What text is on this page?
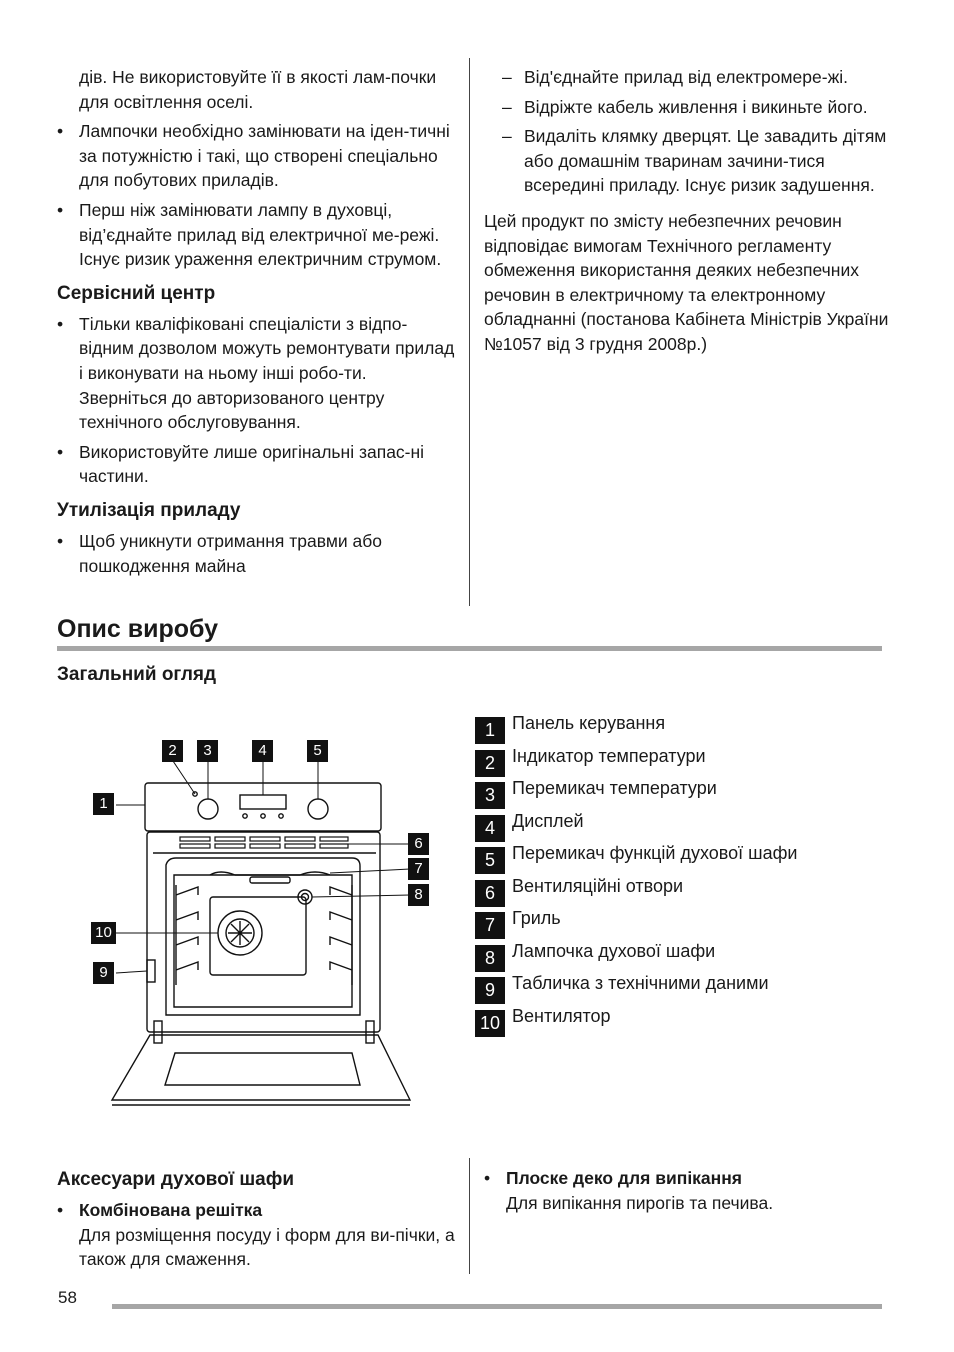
дів. Не використовуйте її в якості лам-почки для освітлення оселі.

• Лампочки необхідно замінювати на іден-тичні за потужністю і такі, що створені спеціально для побутових приладів.
• Перш ніж замінювати лампу в духовці, від’єднайте прилад від електричної ме-режі. Існує ризик ураження електричним струмом.
Сервісний центр
• Тільки кваліфіковані спеціалісти з відпо-відним дозволом можуть ремонтувати прилад і виконувати на ньому інші робо-ти. Зверніться до авторизованого центру технічного обслуговування.
• Використовуйте лише оригінальні запас-ні частини.
Утилізація приладу
• Щоб уникнути отримання травми або пошкодження майна
– Від'єднайте прилад від електромере-жі.
– Відріжте кабель живлення і викиньте його.
– Видаліть клямку дверцят. Це завадить дітям або домашнім тваринам зачини-тися всередині приладу. Існує ризик задушення.

Цей продукт по змісту небезпечних речовин відповідає вимогам Технічного регламенту обмеження використання деяких небезпечних речовин в електричному та електронному обладнанні (постанова Кабінета Міністрів України №1057 від 3 грудня 2008р.)

Опис виробу
Загальний огляд
2	3	4	5
1
6
7
8
10
9
1 Панель керування
2 Індикатор температури
3 Перемикач температури
4 Дисплей
5 Перемикач функцій духової шафи
6 Вентиляційні отвори
7 Гриль
8 Лампочка духової шафи
9 Табличка з технічними даними
10 Вентилятор
Аксесуари духової шафи
• Комбінована решітка
Для розміщення посуду і форм для ви-пічки, а також для смаження.
• Плоске деко для випікання
Для випікання пирогів та печива.
58
